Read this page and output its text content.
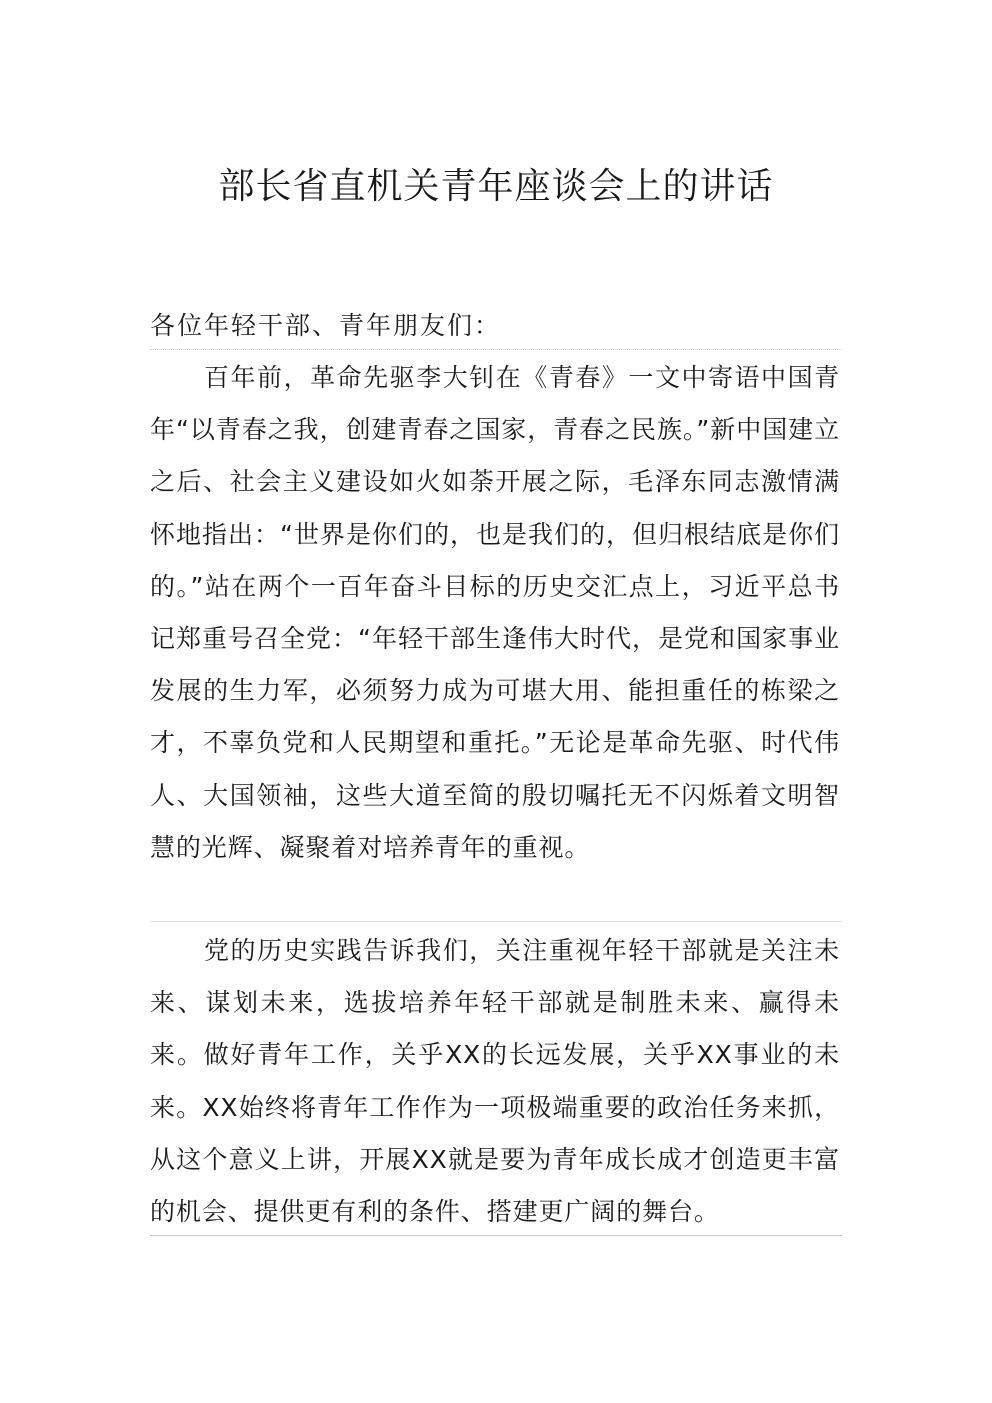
部长省直机关青年座谈会上的讲话
各位年轻干部、青年朋友们：

百年前，革命先驱李大钊在《青春》一文中寄语中国青年“以青春之我，创建青春之国家，青春之民族。”新中国建立之后、社会主义建设如火如荼开展之际，毛泽东同志激情满怀地指出：“世界是你们的，也是我们的，但归根结底是你们的。”站在两个一百年奋斗目标的历史交汇点上，习近平总书记郑重号召全党：“年轻干部生逢伟大时代，是党和国家事业发展的生力军，必须努力成为可堪大用、能担重任的栋梁之才，不辜负党和人民期望和重托。”无论是革命先驱、时代伟人、大国领袖，这些大道至简的殷切嘱托无不闪烁着文明智慧的光辉、凝聚着对培养青年的重视。

党的历史实践告诉我们，关注重视年轻干部就是关注未来、谋划未来，选拔培养年轻干部就是制胜未来、赢得未来。做好青年工作，关乎XX的长远发展，关乎XX事业的未来。XX始终将青年工作作为一项极端重要的政治任务来抓，从这个意义上讲，开展XX就是要为青年成长成才创造更丰富的机会、提供更有利的条件、搭建更广阔的舞台。
